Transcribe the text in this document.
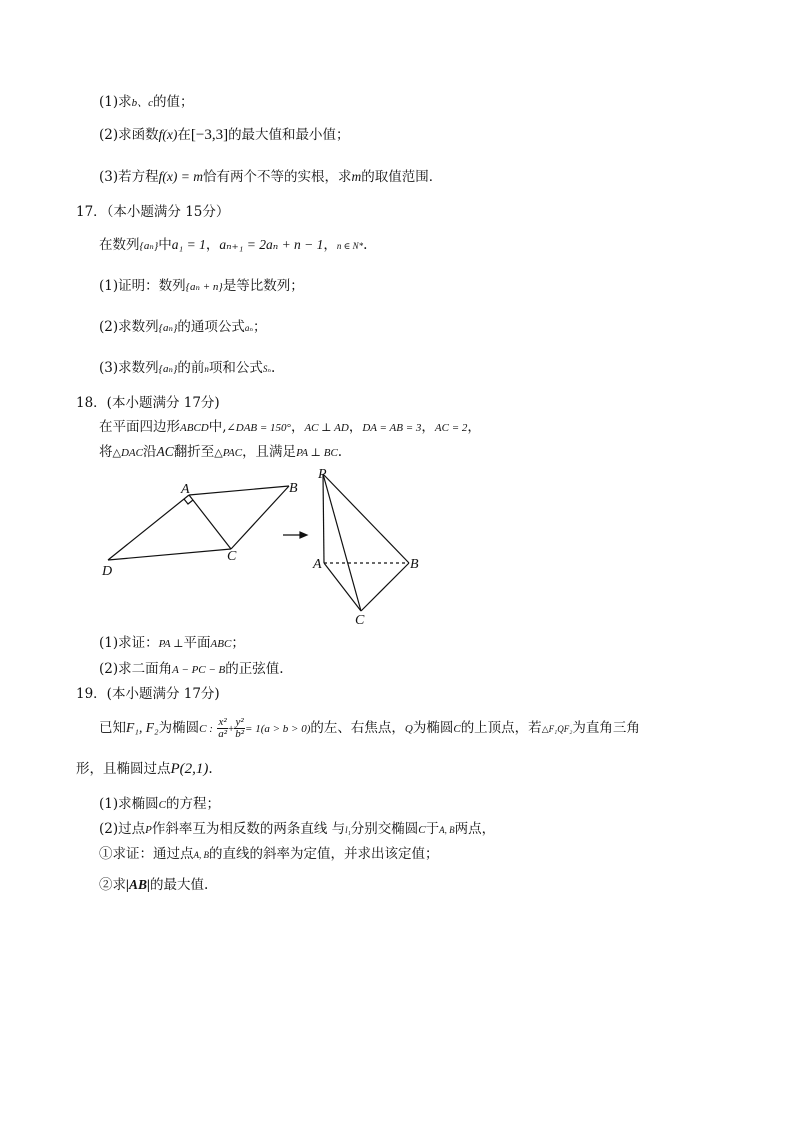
(1)求b、c的值；
(2)求函数f(x)在[−3,3]的最大值和最小值；
(3)若方程f(x) = m恰有两个不等的实根，求m的取值范围．
17．（本小题满分 15分）
在数列{aₙ}中a₁ = 1，aₙ₊₁ = 2aₙ + n − 1，n ∈ N*.
(1)证明：数列{aₙ + n}是等比数列；
(2)求数列{aₙ}的通项公式aₙ；
(3)求数列{aₙ}的前n项和公式Sₙ.
18．(本小题满分 17分)
在平面四边形ABCD中,∠DAB = 150°，AC ⊥ AD，DA = AB = 3，AC = 2，
将△DAC沿AC翻折至△PAC，且满足PA ⊥ BC.
A	B
C
D
P
A	B
C
(1)求证：PA ⊥平面ABC；
(2)求二面角A − PC − B的正弦值.
19．(本小题满分 17分)
已知F₁, F₂为椭圆C : $\frac{\text{x²}}{\text{a²}} + \frac{\text{y²}}{\text{b²}} = 1(a > b > 0)$的左、右焦点，Q为椭圆C的上顶点，若△F₁QF₂为直角三角
形，且椭圆过点P(2,1).
(1)求椭圆C的方程；
(2)过点P作斜率互为相反数的两条直线 与l₁分别交椭圆C于A, B两点，
①求证：通过点A, B的直线的斜率为定值，并求出该定值；
②求|AB|的最大值.
